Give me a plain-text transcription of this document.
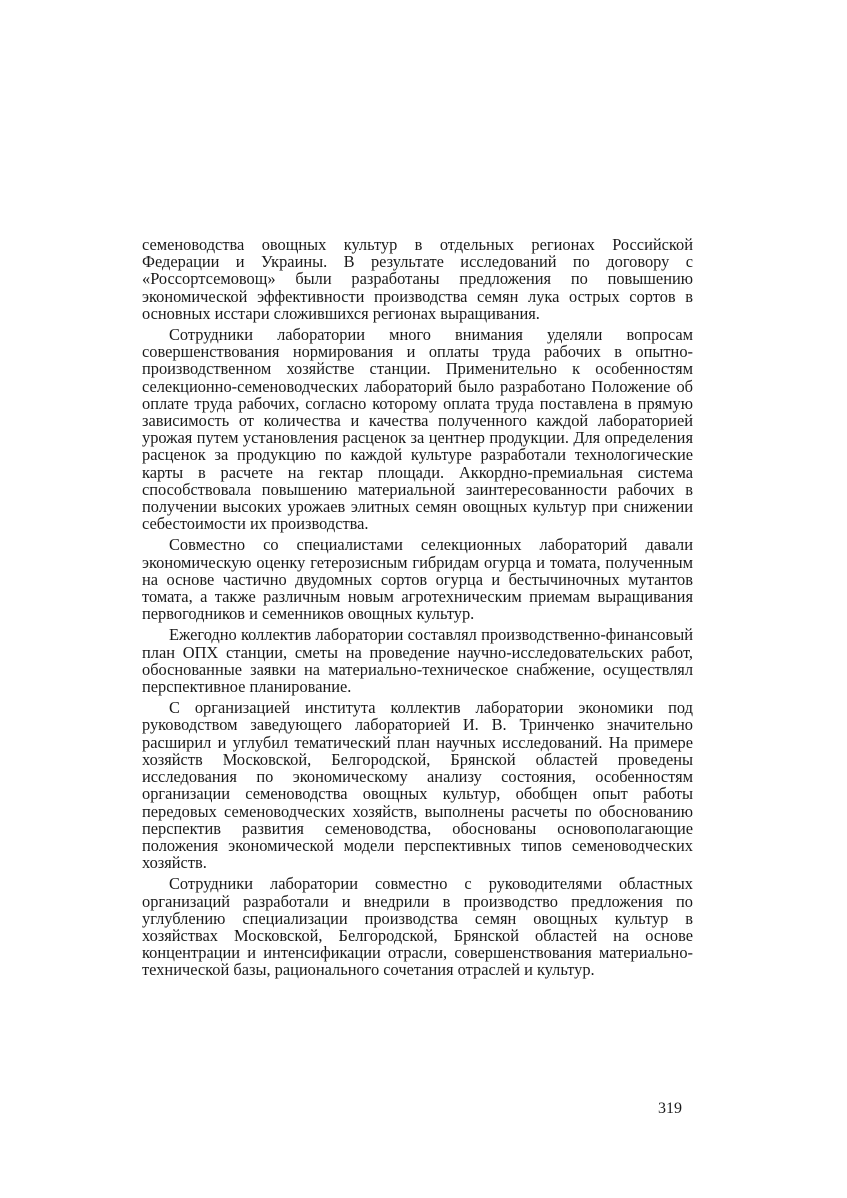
семеноводства овощных культур в отдельных регионах Российской Федерации и Украины. В результате исследований по договору с «Россортсемовощ» были разработаны предложения по повышению экономической эффективности производства семян лука острых сортов в основных исстари сложившихся регионах выращивания.

Сотрудники лаборатории много внимания уделяли вопросам совершенствования нормирования и оплаты труда рабочих в опытно-производственном хозяйстве станции. Применительно к особенностям селекционно-семеноводческих лабораторий было разработано Положение об оплате труда рабочих, согласно которому оплата труда поставлена в прямую зависимость от количества и качества полученного каждой лабораторией урожая путем установления расценок за центнер продукции. Для определения расценок за продукцию по каждой культуре разработали технологические карты в расчете на гектар площади. Аккордно-премиальная система способствовала повышению материальной заинтересованности рабочих в получении высоких урожаев элитных семян овощных культур при снижении себестоимости их производства.

Совместно со специалистами селекционных лабораторий давали экономическую оценку гетерозисным гибридам огурца и томата, полученным на основе частично двудомных сортов огурца и бестычиночных мутантов томата, а также различным новым агротехническим приемам выращивания первогодников и семенников овощных культур.

Ежегодно коллектив лаборатории составлял производственно-финансовый план ОПХ станции, сметы на проведение научно-исследовательских работ, обоснованные заявки на материально-техническое снабжение, осуществлял перспективное планирование.

С организацией института коллектив лаборатории экономики под руководством заведующего лабораторией И. В. Тринченко значительно расширил и углубил тематический план научных исследований. На примере хозяйств Московской, Белгородской, Брянской областей проведены исследования по экономическому анализу состояния, особенностям организации семеноводства овощных культур, обобщен опыт работы передовых семеноводческих хозяйств, выполнены расчеты по обоснованию перспектив развития семеноводства, обоснованы основополагающие положения экономической модели перспективных типов семеноводческих хозяйств.

Сотрудники лаборатории совместно с руководителями областных организаций разработали и внедрили в производство предложения по углублению специализации производства семян овощных культур в хозяйствах Московской, Белгородской, Брянской областей на основе концентрации и интенсификации отрасли, совершенствования материально-технической базы, рационального сочетания отраслей и культур.

319
